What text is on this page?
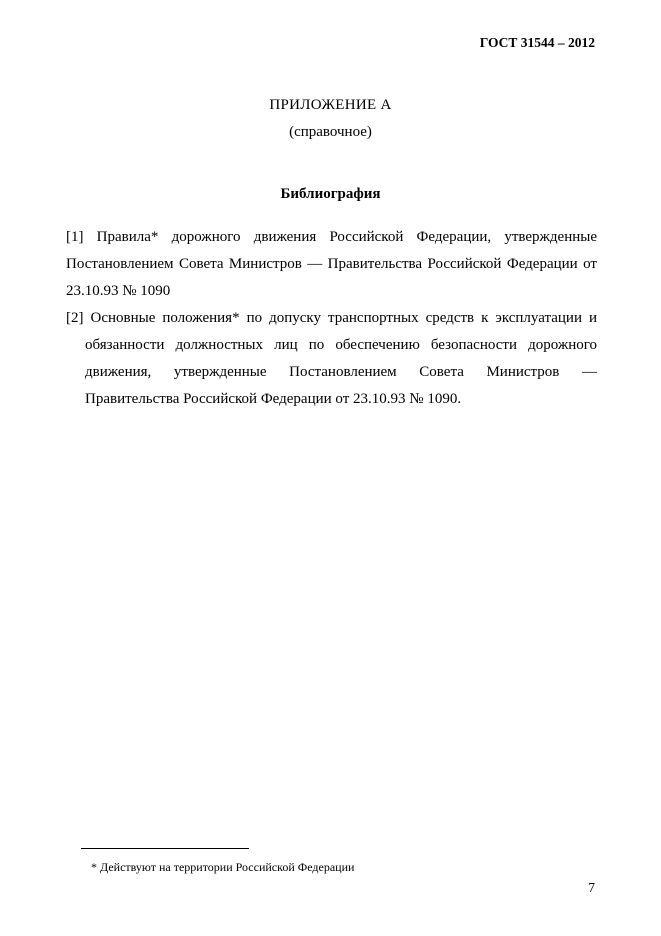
ГОСТ 31544 – 2012
ПРИЛОЖЕНИЕ А
(справочное)
Библиография

[1] Правила* дорожного движения Российской Федерации, утвержденные Постановлением Совета Министров — Правительства Российской Федерации от 23.10.93 № 1090

[2] Основные положения* по допуску транспортных средств к эксплуатации и обязанности должностных лиц по обеспечению безопасности дорожного движения, утвержденные Постановлением Совета Министров — Правительства Российской Федерации от 23.10.93 № 1090.

* Действуют на территории Российской Федерации
7
